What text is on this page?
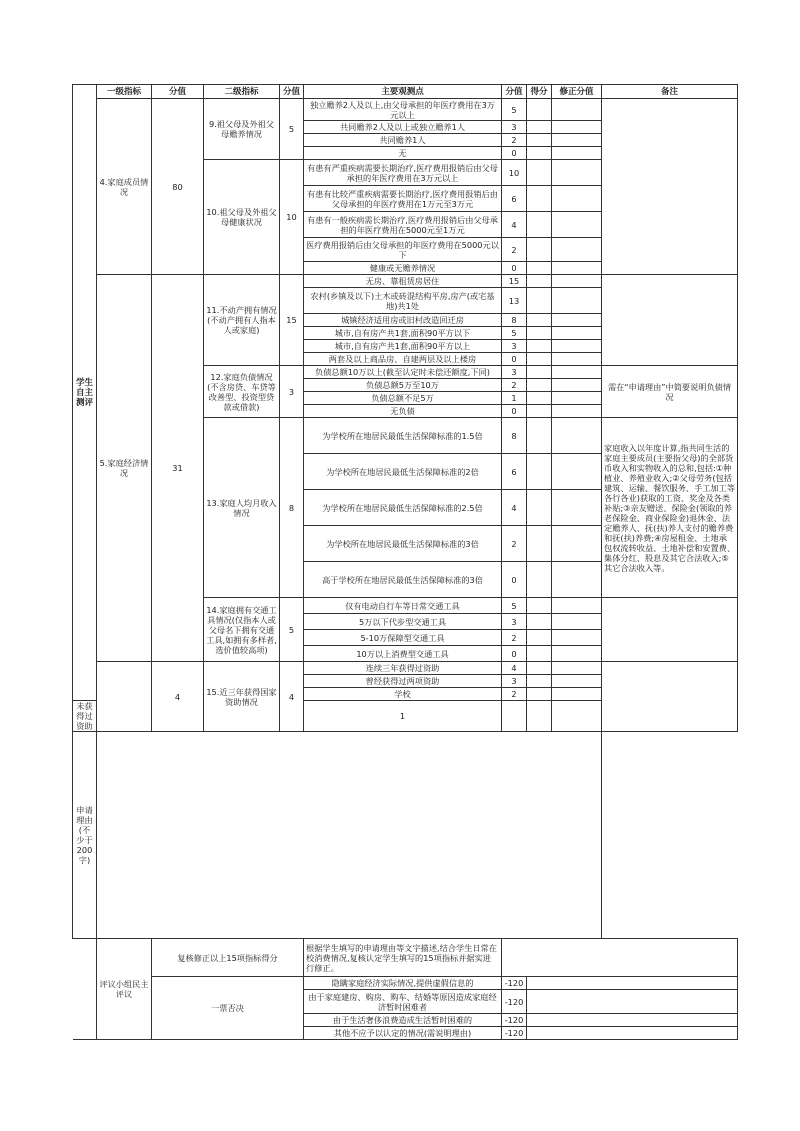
学生自主测评	一级指标	分值	二级指标	分值	主要观测点	分值	得分	修正分值	备注
	4.家庭成员情况	80	9.祖父母及外祖父母赡养情况	5	独立赡养2人及以上,由父母承担的年医疗费用在3万元以上	5			
					共同赡养2人及以上或独立赡养1人	3			
					共同赡养1人	2			
					无	0			
			10.祖父母及外祖父母健康状况	10	有患有严重疾病需要长期治疗,医疗费用报销后由父母承担的年医疗费用在3万元以上	10			
					有患有比较严重疾病需要长期治疗,医疗费用报销后由父母承担的年医疗费用在1万元至3万元	6			
					有患有一般疾病需长期治疗,医疗费用报销后由父母承担的年医疗费用在5000元至1万元	4			
					医疗费用报销后由父母承担的年医疗费用在5000元以下	2			
					健康或无赡养情况	0			
	5.家庭经济情况	31	11.不动产拥有情况(不动产拥有人指本人或家庭)	15	无房、靠租赁房居住	15			
					农村(乡镇及以下)土木或砖混结构平房,房产(或宅基地)共1处	13			
					城镇经济适用房或旧村改造回迁房	8			
					城市,自有房产共1套,面积90平方以下	5			
					城市,自有房产共1套,面积90平方以上	3			
					两套及以上商品房、自建两层及以上楼房	0			
			12.家庭负债情况(不含房贷、车贷等改善型、投资型贷款或借款)	3	负债总额10万以上(截至认定时未偿还额度,下同)	3			需在“申请理由”中简要说明负债情况
					负债总额5万至10万	2			
					负债总额不足5万	1			
					无负债	0			
			13.家庭人均月收入情况	8	为学校所在地居民最低生活保障标准的1.5倍	8			家庭收入以年度计算,指共同生活的家庭主要成员(主要指父母)的全部货币收入和实物收入的总和,包括:①种植业、养殖业收入;②父母劳务(包括建筑、运输、餐饮服务、手工加工等各行各业)获取的工资、奖金及各类补贴;③亲友赠送、保险金(领取的养老保险金、商业保险金)退休金、法定赡养人、抚(扶)养人支付的赡养费和抚(扶)养费;④房屋租金、土地承包权流转收益、土地补偿和安置费、集体分红、股息及其它合法收入;⑤其它合法收入等。
					为学校所在地居民最低生活保障标准的2倍	6			
					为学校所在地居民最低生活保障标准的2.5倍	4			
					为学校所在地居民最低生活保障标准的3倍	2			
					高于学校所在地居民最低生活保障标准的3倍	0			
			14.家庭拥有交通工具情况(仅指本人或父母名下拥有交通工具,如拥有多样者,选价值较高项)	5	仅有电动自行车等日常交通工具	5			
					5万以下代步型交通工具	3			
					5-10万保障型交通工具	2			
					10万以上消费型交通工具	0			
		4	15.近三年获得国家资助情况	4	连续三年获得过资助	4			
					曾经获得过两项资助	3			
					学校	2			
未获得过资助					1				
申请理由(不少于200字)									
	评议小组民主评议	复核修正以上15项指标得分			根据学生填写的申请理由等文字描述,结合学生日常在校消费情况,复核认定学生填写的15项指标并据实进行修正。				
		一票否决			隐瞒家庭经济实际情况,提供虚假信息的	-120			
					由于家庭建房、购房、购车、结婚等原因造成家庭经济暂时困难者	-120			
					由于生活奢侈浪费造成生活暂时困难的	-120			
					其他不应予以认定的情况(需说明理由)	-120			
